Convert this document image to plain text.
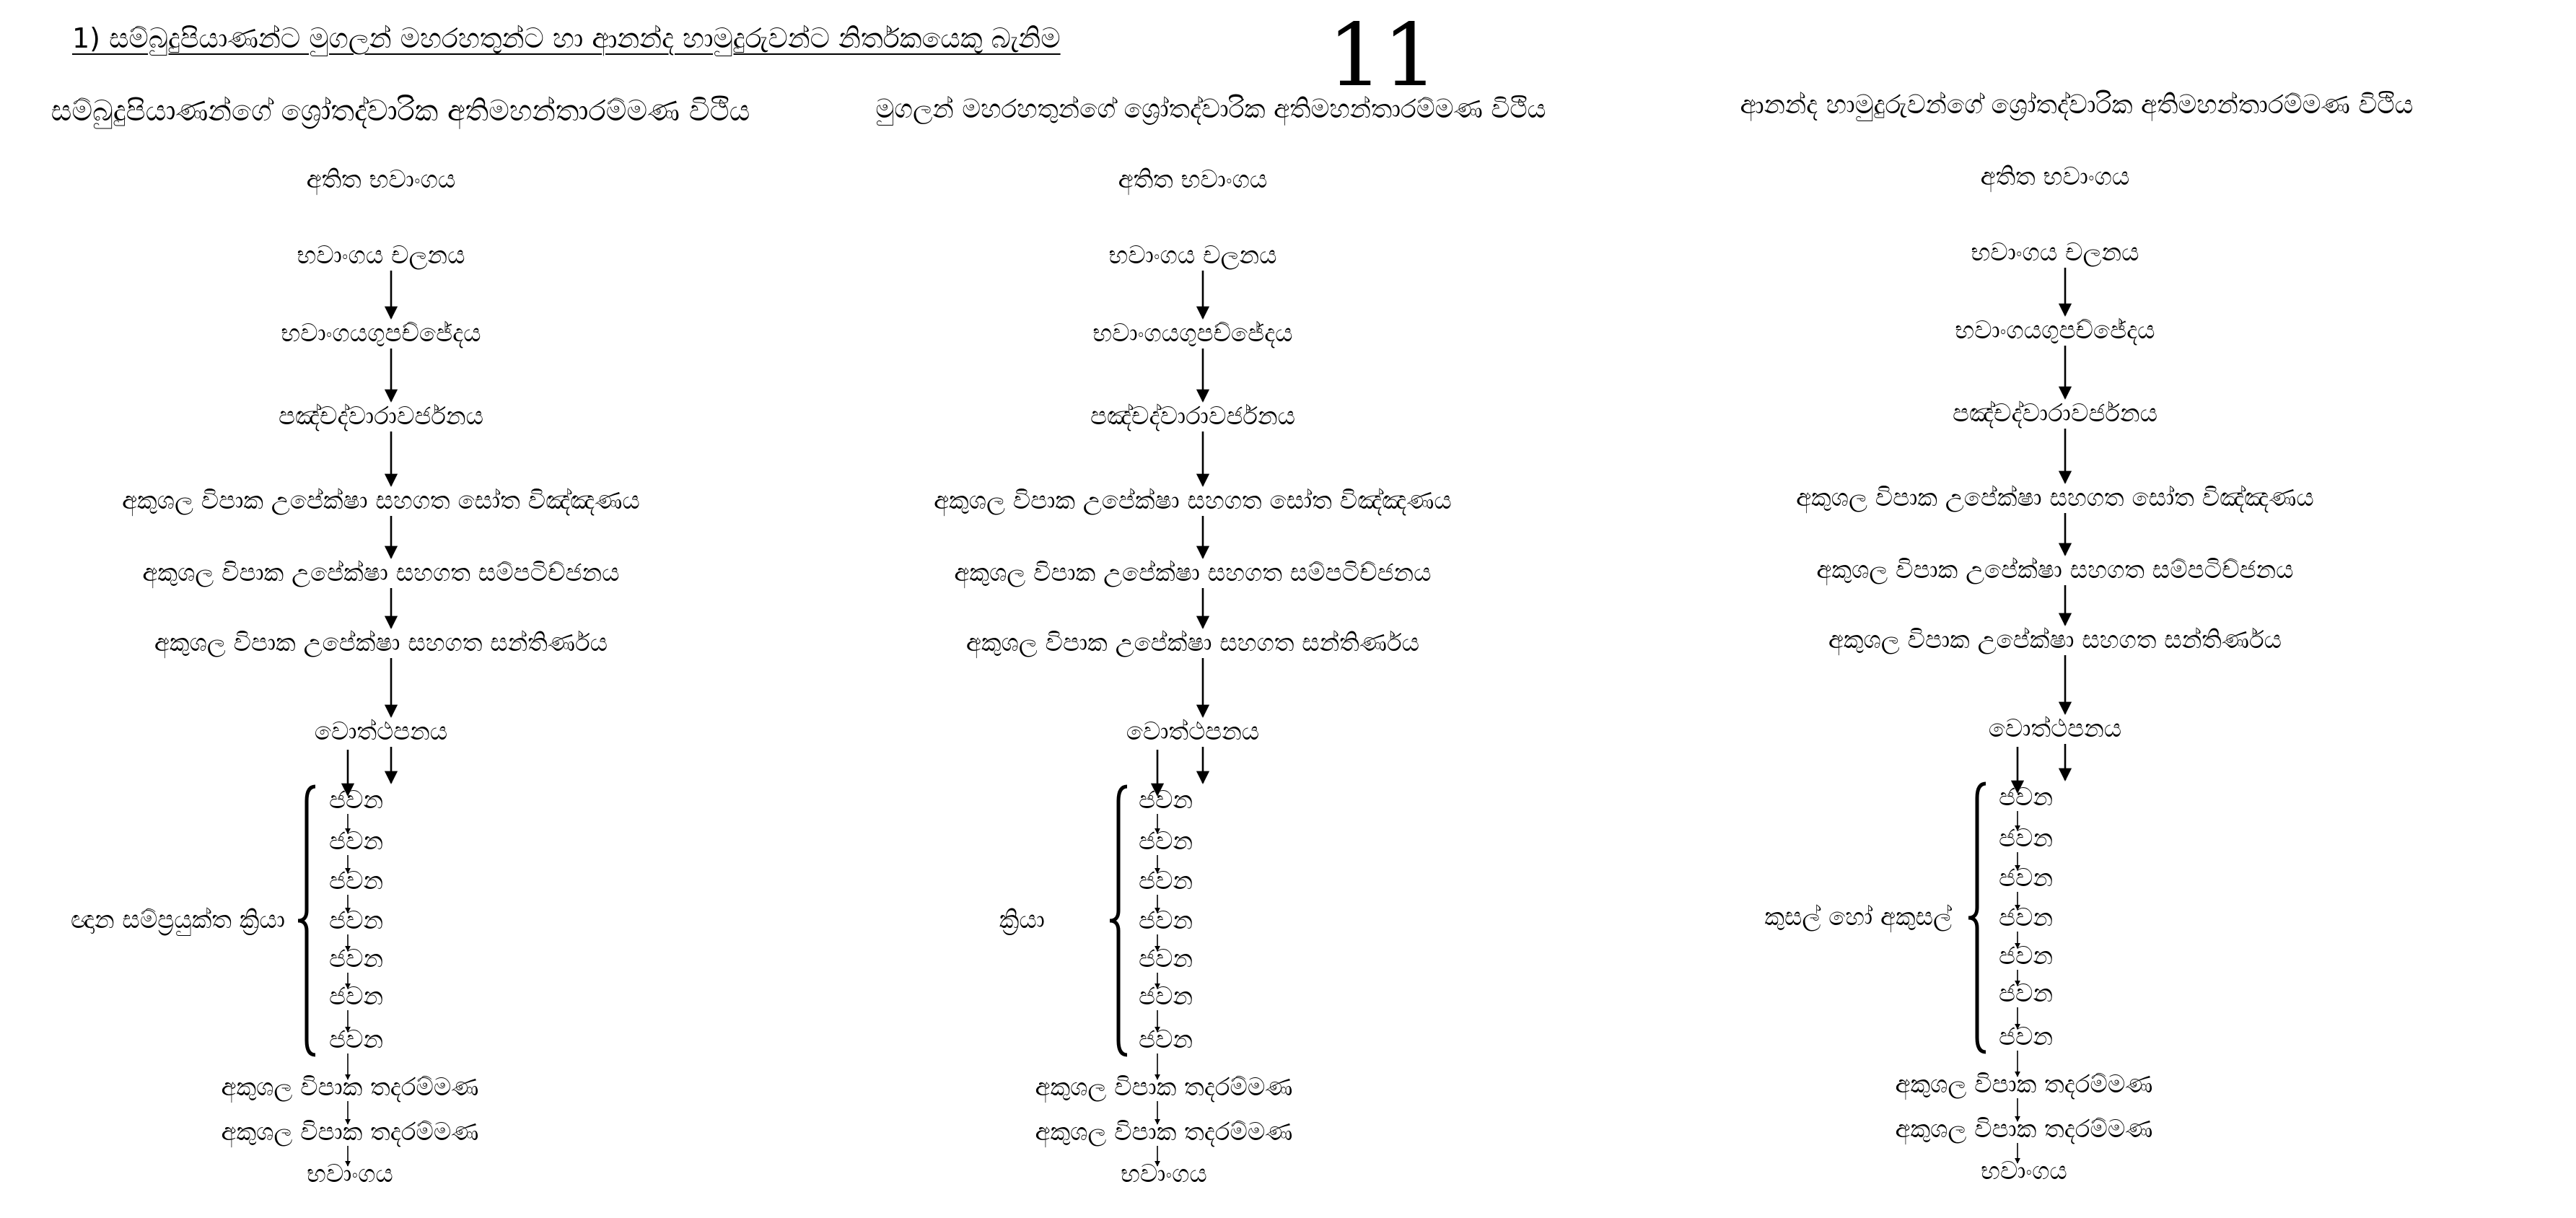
1) සම්බුදුපියාණන්ට මුගලන් මහරහතුන්ට හා ආනන්ද හාමුදුරුවන්ට නිර්තකයෙකු බැනිම	11
සම්බුදුපියාණන්ගේ ශ්‍රෝතද්වාරික අතිමහන්තාරම්මණ විථිය
අතිත භවාංගය
භවාංගය චලනය
භවාංගයගුපච්ජේදය
පඤ්චද්වාරාවර්ජනය
අකුශල විපාක උපේක්ෂා සහගත සෝත විඤ්ඤණය
අකුශල විපාක උපේක්ෂා සහගත සම්පටිච්ජනය
අකුශල විපාක උපේක්ෂා සහගත සන්තිර්ණය
වොත්ථපනය
ජවන
ජවන
ජවන
ජවන
ජවන
ජවන
ජවන
ඥාන සම්ප්‍රයුක්ත ක්‍රියා
අකුශල විපාක තදරම්මණ
අකුශල විපාක තදරම්මණ
භවාංගය
මුගලන් මහරහතුන්ගේ ශ්‍රෝතද්වාරික අතිමහන්තාරම්මණ විථිය
අතිත භවාංගය
භවාංගය චලනය
භවාංගයගුපච්ජේදය
පඤ්චද්වාරාවර්ජනය
අකුශල විපාක උපේක්ෂා සහගත සෝත විඤ්ඤණය
අකුශල විපාක උපේක්ෂා සහගත සම්පටිච්ජනය
අකුශල විපාක උපේක්ෂා සහගත සන්තිර්ණය
වොත්ථපනය
ජවන
ජවන
ජවන
ජවන
ජවන
ජවන
ජවන
ක්‍රියා
අකුශල විපාක තදරම්මණ
අකුශල විපාක තදරම්මණ
භවාංගය
ආනන්ද හාමුදුරුවන්ගේ ශ්‍රෝතද්වාරික අතිමහන්තාරම්මණ විථිය
අතිත භවාංගය
භවාංගය චලනය
භවාංගයගුපච්ජේදය
පඤ්චද්වාරාවර්ජනය
අකුශල විපාක උපේක්ෂා සහගත සෝත විඤ්ඤණය
අකුශල විපාක උපේක්ෂා සහගත සම්පටිච්ජනය
අකුශල විපාක උපේක්ෂා සහගත සන්තිර්ණය
වොත්ථපනය
ජවන
ජවන
ජවන
ජවන
ජවන
ජවන
ජවන
කුසල් හෝ අකුසල්
අකුශල විපාක තදරම්මණ
අකුශල විපාක තදරම්මණ
භවාංගය
